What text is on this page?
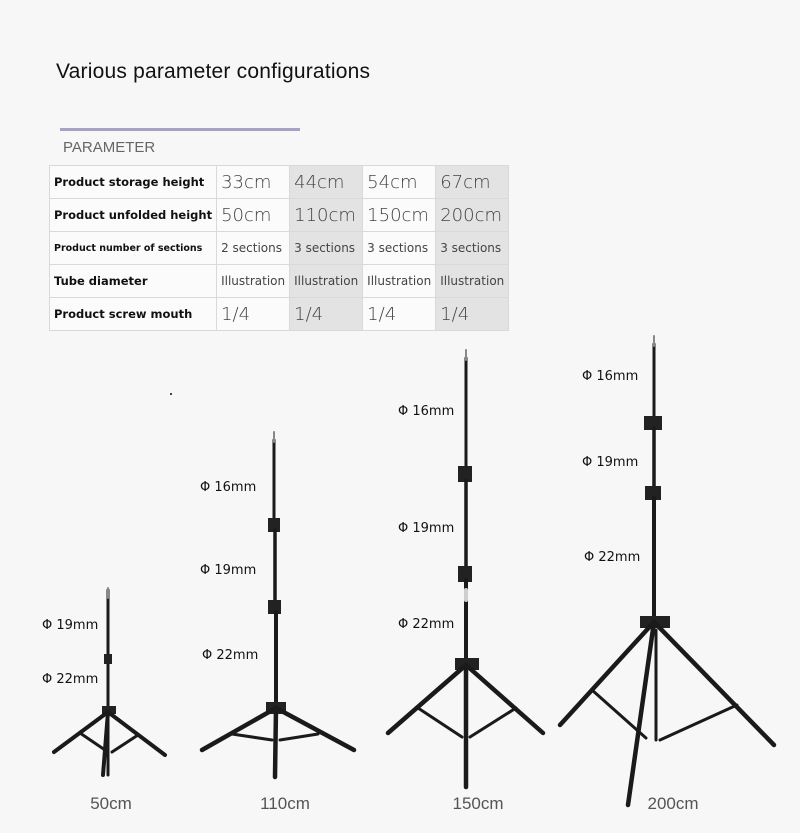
Various parameter configurations
PARAMETER
Product storage height	33cm	44cm	54cm	67cm
Product unfolded height	50cm	110cm	150cm	200cm
Product number of sections	2 sections	3 sections	3 sections	3 sections
Tube diameter	Illustration	Illustration	Illustration	Illustration
Product screw mouth	1/4	1/4	1/4	1/4
Φ 19mm
Φ 22mm
Φ 16mm
Φ 19mm
Φ 22mm
Φ 16mm
Φ 19mm
Φ 22mm
Φ 16mm
Φ 19mm
Φ 22mm
50cm	110cm	150cm	200cm
